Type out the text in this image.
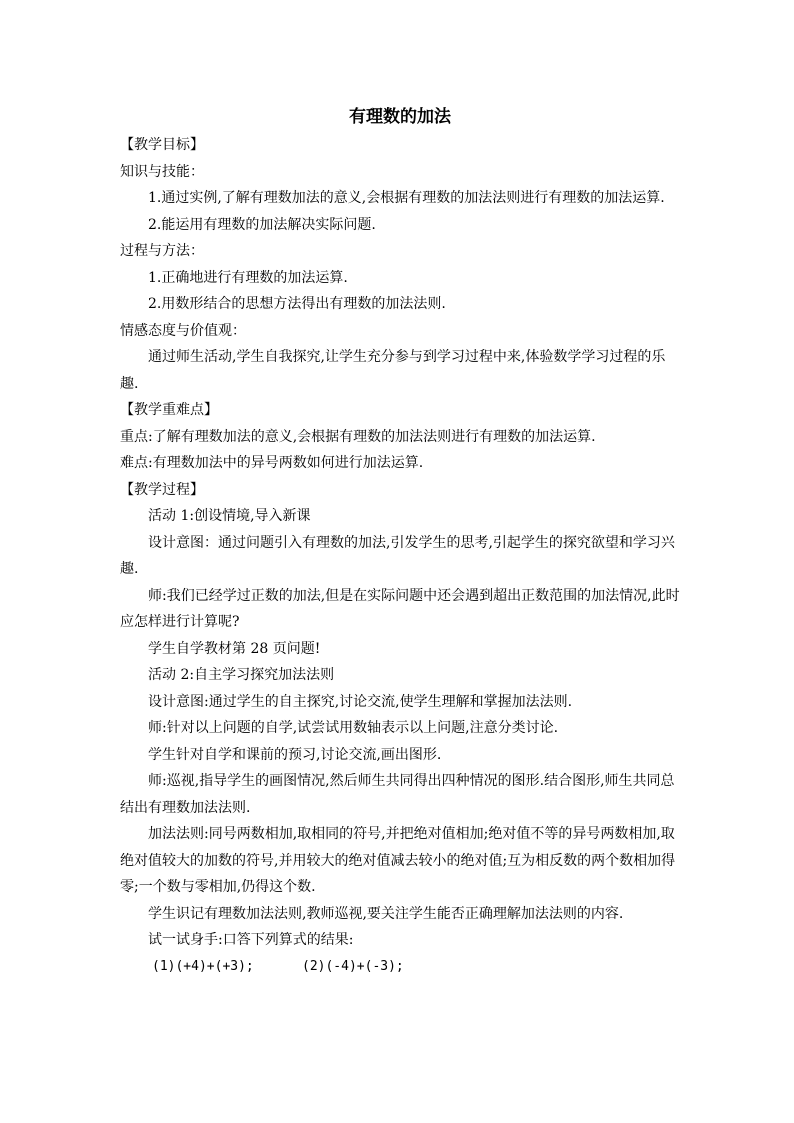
有理数的加法

【教学目标】

知识与技能：

1.通过实例,了解有理数加法的意义,会根据有理数的加法法则进行有理数的加法运算.

2.能运用有理数的加法解决实际问题.

过程与方法：

1.正确地进行有理数的加法运算.

2.用数形结合的思想方法得出有理数的加法法则.

情感态度与价值观：

通过师生活动,学生自我探究,让学生充分参与到学习过程中来,体验数学学习过程的乐趣.

【教学重难点】

重点:了解有理数加法的意义,会根据有理数的加法法则进行有理数的加法运算.

难点:有理数加法中的异号两数如何进行加法运算.

【教学过程】

活动 1:创设情境,导入新课

设计意图：通过问题引入有理数的加法,引发学生的思考,引起学生的探究欲望和学习兴趣.

师:我们已经学过正数的加法,但是在实际问题中还会遇到超出正数范围的加法情况,此时应怎样进行计算呢?

学生自学教材第 28 页问题!

活动 2:自主学习探究加法法则

设计意图:通过学生的自主探究,讨论交流,使学生理解和掌握加法法则.

师:针对以上问题的自学,试尝试用数轴表示以上问题,注意分类讨论.

学生针对自学和课前的预习,讨论交流,画出图形.

师:巡视,指导学生的画图情况,然后师生共同得出四种情况的图形.结合图形,师生共同总结出有理数加法法则.

加法法则:同号两数相加,取相同的符号,并把绝对值相加;绝对值不等的异号两数相加,取绝对值较大的加数的符号,并用较大的绝对值减去较小的绝对值;互为相反数的两个数相加得零;一个数与零相加,仍得这个数.

学生识记有理数加法法则,教师巡视,要关注学生能否正确理解加法法则的内容.

试一试身手:口答下列算式的结果:

(1)(+4)+(+3);	(2)(-4)+(-3);
